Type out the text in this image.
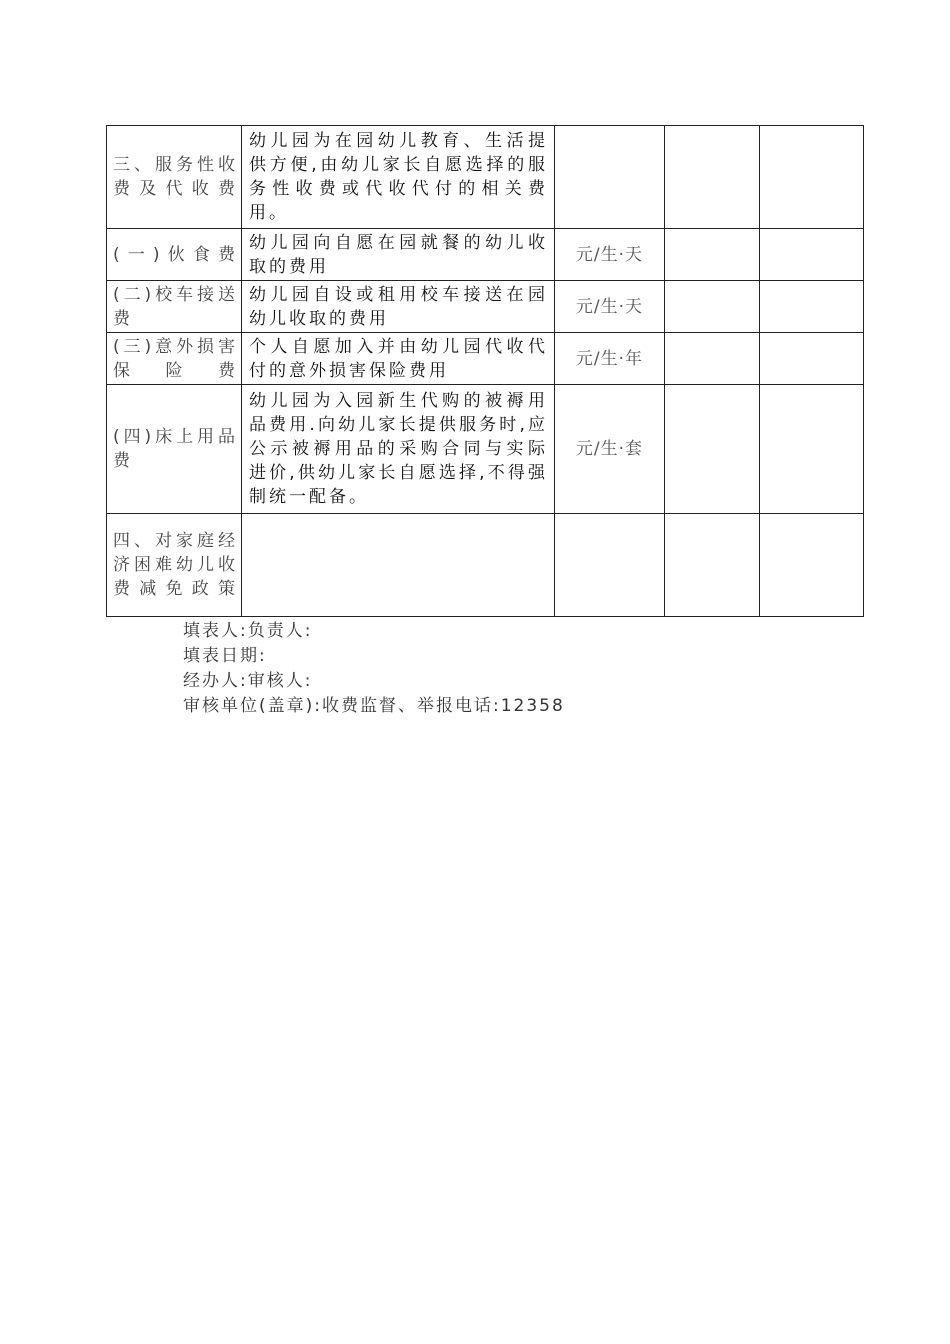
三、服务性收费及代收费	幼儿园为在园幼儿教育、生活提供方便,由幼儿家长自愿选择的服务性收费或代收代付的相关费用。			
(一)伙食费	幼儿园向自愿在园就餐的幼儿收取的费用	元/生·天		
(二)校车接送费	幼儿园自设或租用校车接送在园幼儿收取的费用	元/生·天		
(三)意外损害保险费	个人自愿加入并由幼儿园代收代付的意外损害保险费用	元/生·年		
(四)床上用品费	幼儿园为入园新生代购的被褥用品费用.向幼儿家长提供服务时,应公示被褥用品的采购合同与实际进价,供幼儿家长自愿选择,不得强制统一配备。	元/生·套		
四、对家庭经济困难幼儿收费减免政策				
填表人:负责人:
填表日期:
经办人:审核人:
审核单位(盖章):收费监督、举报电话:12358
